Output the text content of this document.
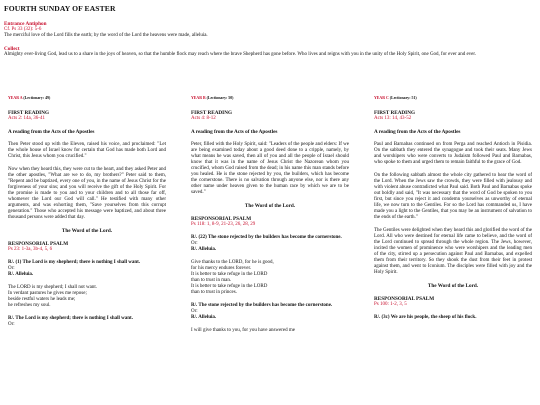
FOURTH SUNDAY OF EASTER

Entrance Antiphon

Cf. Ps 33 (32): 5-6

The merciful love of the Lord fills the earth; by the word of the Lord the heavens were made, alleluia.

Collect

Almighty ever-living God, lead us to a share in the joys of heaven, so that the humble flock may reach where the brave Shepherd has gone before. Who lives and reigns with you in the unity of the Holy Spirit, one God, for ever and ever.

YEAR A (Lectionary: 49)

FIRST READING

Acts 2: 14a, 36-41

A reading from the Acts of the Apostles

Then Peter stood up with the Eleven, raised his voice, and proclaimed: "Let the whole house of Israel know for certain that God has made both Lord and Christ, this Jesus whom you crucified."

Now when they heard this, they were cut to the heart, and they asked Peter and the other apostles, "What are we to do, my brothers?" Peter said to them, "Repent and be baptized, every one of you, in the name of Jesus Christ for the forgiveness of your sins; and you will receive the gift of the Holy Spirit. For the promise is made to you and to your children and to all those far off, whomever the Lord our God will call." He testified with many other arguments, and was exhorting them, "Save yourselves from this corrupt generation." Those who accepted his message were baptized, and about three thousand persons were added that day.

The Word of the Lord.

RESPONSORIAL PSALM

Ps 23: 1-3a, 3b-4, 5, 6

R/. (1) The Lord is my shepherd; there is nothing I shall want.

Or:

R/. Alleluia.

The LORD is my shepherd; I shall not want.
In verdant pastures he gives me repose;
beside restful waters he leads me;
he refreshes my soul.

R/. The Lord is my shepherd; there is nothing I shall want.

Or:

YEAR B (Lectionary: 50)

FIRST READING

Acts 4: 8-12

A reading from the Acts of the Apostles

Peter, filled with the Holy Spirit, said: "Leaders of the people and elders: If we are being examined today about a good deed done to a cripple, namely, by what means he was saved, then all of you and all the people of Israel should know that it was in the name of Jesus Christ the Nazorean whom you crucified, whom God raised from the dead; in his name this man stands before you healed. He is the stone rejected by you, the builders, which has become the cornerstone. There is no salvation through anyone else, nor is there any other name under heaven given to the human race by which we are to be saved."

The Word of the Lord.

RESPONSORIAL PSALM

Ps 118: 1, 8-9, 21-23, 26, 28, 29

R/. (22) The stone rejected by the builders has become the cornerstone.

Or:

R/. Alleluia.

Give thanks to the LORD, for he is good,
for his mercy endures forever.
It is better to take refuge in the LORD
than to trust in man.
It is better to take refuge in the LORD
than to trust in princes.

R/. The stone rejected by the builders has become the cornerstone.

Or:

R/. Alleluia.

I will give thanks to you, for you have answered me

YEAR C (Lectionary: 51)

FIRST READING

Acts 13: 14, 43-52

A reading from the Acts of the Apostles

Paul and Barnabas continued on from Perga and reached Antioch in Pisidia. On the sabbath they entered the synagogue and took their seats. Many Jews and worshipers who were converts to Judaism followed Paul and Barnabas, who spoke to them and urged them to remain faithful to the grace of God.

On the following sabbath almost the whole city gathered to hear the word of the Lord. When the Jews saw the crowds, they were filled with jealousy and with violent abuse contradicted what Paul said. Both Paul and Barnabas spoke out boldly and said, "It was necessary that the word of God be spoken to you first, but since you reject it and condemn yourselves as unworthy of eternal life, we now turn to the Gentiles. For so the Lord has commanded us, I have made you a light to the Gentiles, that you may be an instrument of salvation to the ends of the earth."

The Gentiles were delighted when they heard this and glorified the word of the Lord. All who were destined for eternal life came to believe, and the word of the Lord continued to spread through the whole region. The Jews, however, incited the women of prominence who were worshipers and the leading men of the city, stirred up a persecution against Paul and Barnabas, and expelled them from their territory. So they shook the dust from their feet in protest against them, and went to Iconium. The disciples were filled with joy and the Holy Spirit.

The Word of the Lord.

RESPONSORIAL PSALM

Ps 100: 1-2, 3, 5

R/. (3c) We are his people, the sheep of his flock.
